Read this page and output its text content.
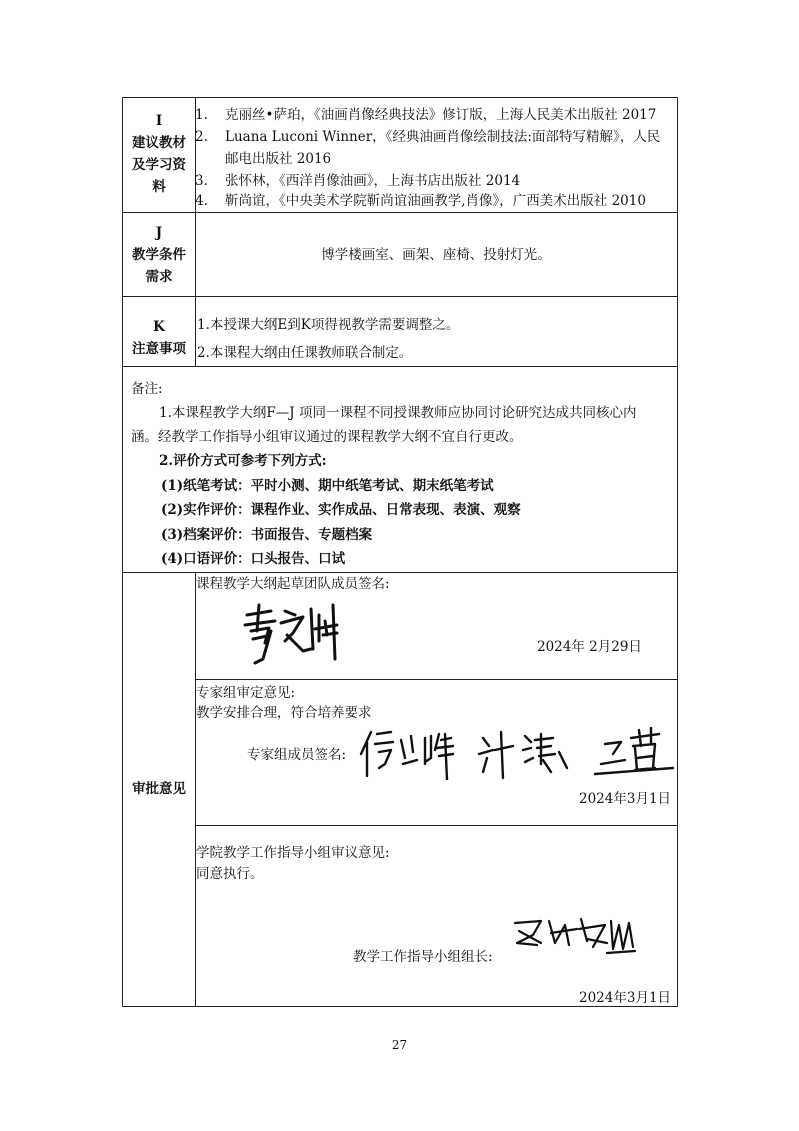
I
建议教材
及学习资
料
1. 克丽丝•萨珀，《油画肖像经典技法》修订版，上海人民美术出版社 2017
2. Luana Luconi Winner，《经典油画肖像绘制技法:面部特写精解》，人民
邮电出版社 2016
3. 张怀林，《西洋肖像油画》，上海书店出版社 2014
4. 靳尚谊，《中央美术学院靳尚谊油画教学,肖像》，广西美术出版社 2010
J
教学条件
需求
博学楼画室、画架、座椅、投射灯光。
K
注意事项
1.本授课大纲E到K项得视教学需要调整之。
2.本课程大纲由任课教师联合制定。
备注:
1.本课程教学大纲F—J 项同一课程不同授课教师应协同讨论研究达成共同核心内
涵。经教学工作指导小组审议通过的课程教学大纲不宜自行更改。
2.评价方式可参考下列方式:
(1)纸笔考试：平时小测、期中纸笔考试、期末纸笔考试
(2)实作评价：课程作业、实作成品、日常表现、表演、观察
(3)档案评价：书面报告、专题档案
(4)口语评价：口头报告、口试
审批意见
课程教学大纲起草团队成员签名:
2024年 2月29日
专家组审定意见:
教学安排合理，符合培养要求
专家组成员签名:
2024年3月1日
学院教学工作指导小组审议意见:
同意执行。
教学工作指导小组组长:
2024年3月1日
27
